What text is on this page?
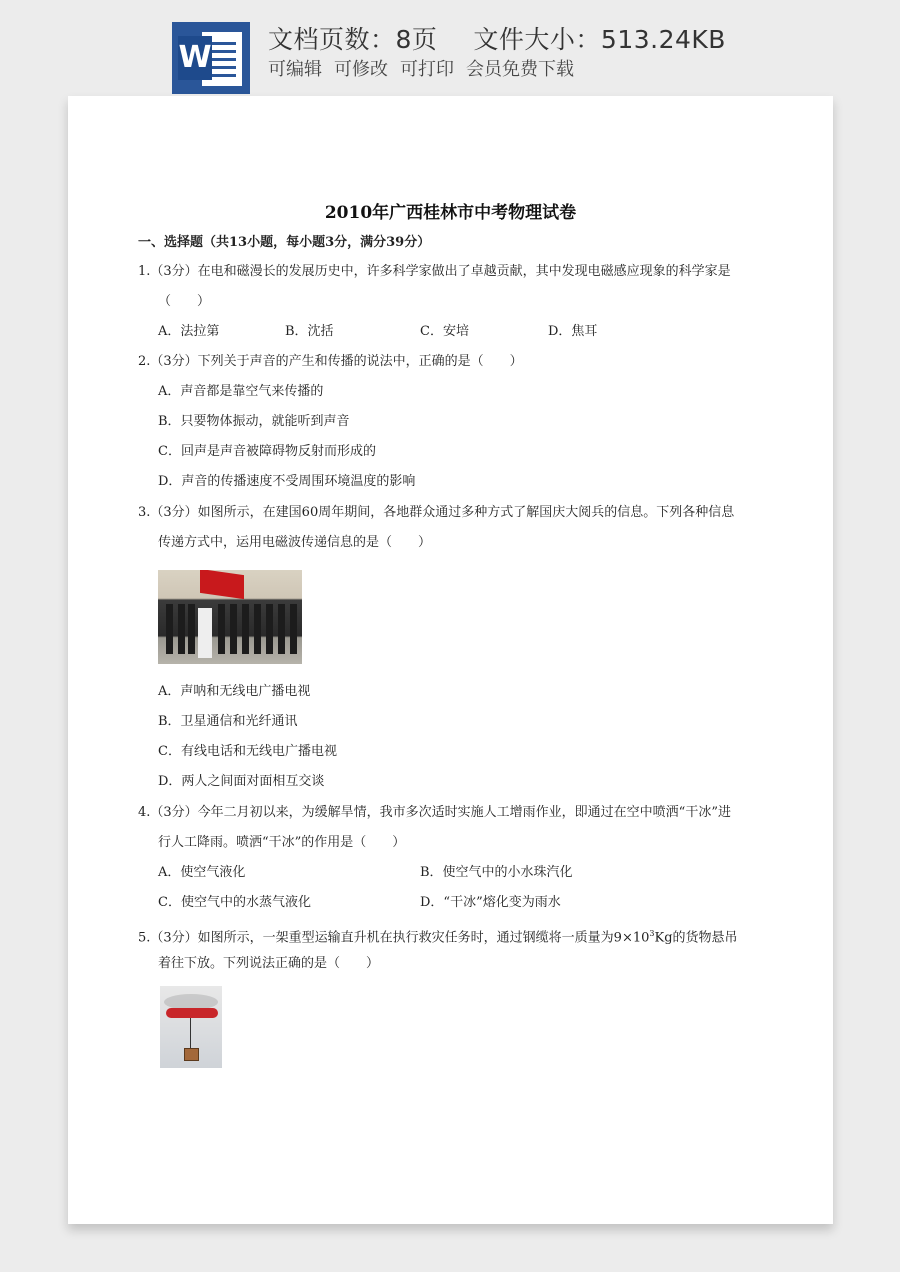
W
文档页数：8页 文件大小：513.24KB
可编辑 可修改 可打印 会员免费下载
2010年广西桂林市中考物理试卷
一、选择题（共13小题，每小题3分，满分39分）
1.（3分）在电和磁漫长的发展历史中，许多科学家做出了卓越贡献，其中发现电磁感应现象的科学家是
（　　）
A．法拉第	B．沈括	C．安培	D．焦耳
2.（3分）下列关于声音的产生和传播的说法中，正确的是（　　）
A．声音都是靠空气来传播的
B．只要物体振动，就能听到声音
C．回声是声音被障碍物反射而形成的
D．声音的传播速度不受周围环境温度的影响
3.（3分）如图所示，在建国60周年期间，各地群众通过多种方式了解国庆大阅兵的信息。下列各种信息
传递方式中，运用电磁波传递信息的是（　　）
A．声呐和无线电广播电视
B．卫星通信和光纤通讯
C．有线电话和无线电广播电视
D．两人之间面对面相互交谈
4.（3分）今年二月初以来，为缓解旱情，我市多次适时实施人工增雨作业，即通过在空中喷洒“干冰”进
行人工降雨。喷洒“干冰”的作用是（　　）
A．使空气液化	B．使空气中的小水珠汽化
C．使空气中的水蒸气液化	D．“干冰”熔化变为雨水
5.（3分）如图所示，一架重型运输直升机在执行救灾任务时，通过钢缆将一质量为$9\times 10^3Kg$的货物悬吊
着往下放。下列说法正确的是（　　）
